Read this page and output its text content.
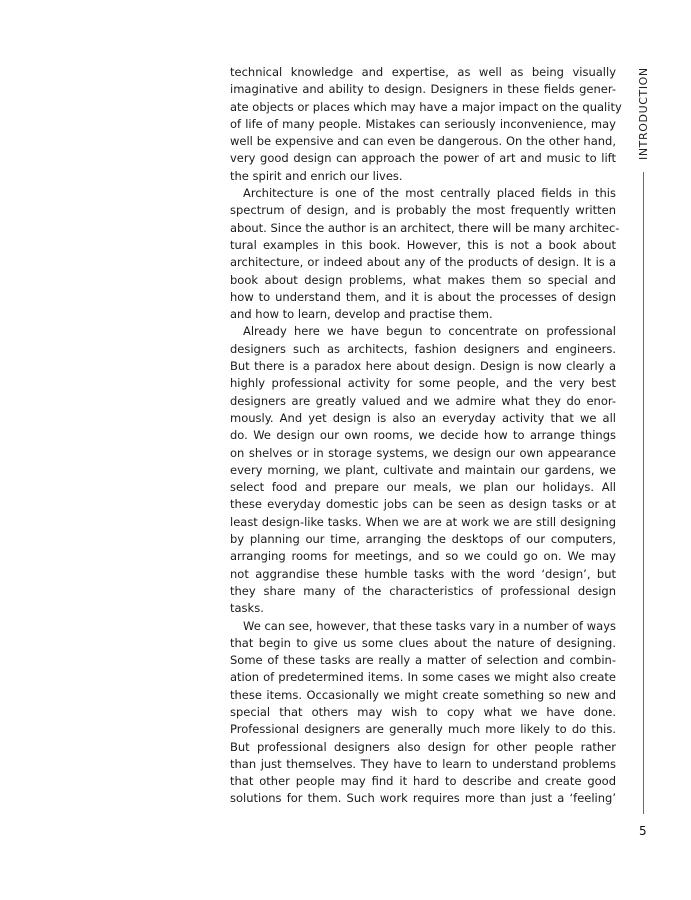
technical knowledge and expertise, as well as being visually
imaginative and ability to design. Designers in these fields gener-
ate objects or places which may have a major impact on the quality
of life of many people. Mistakes can seriously inconvenience, may
well be expensive and can even be dangerous. On the other hand,
very good design can approach the power of art and music to lift
the spirit and enrich our lives.
Architecture is one of the most centrally placed fields in this
spectrum of design, and is probably the most frequently written
about. Since the author is an architect, there will be many architec-
tural examples in this book. However, this is not a book about
architecture, or indeed about any of the products of design. It is a
book about design problems, what makes them so special and
how to understand them, and it is about the processes of design
and how to learn, develop and practise them.
Already here we have begun to concentrate on professional
designers such as architects, fashion designers and engineers.
But there is a paradox here about design. Design is now clearly a
highly professional activity for some people, and the very best
designers are greatly valued and we admire what they do enor-
mously. And yet design is also an everyday activity that we all
do. We design our own rooms, we decide how to arrange things
on shelves or in storage systems, we design our own appearance
every morning, we plant, cultivate and maintain our gardens, we
select food and prepare our meals, we plan our holidays. All
these everyday domestic jobs can be seen as design tasks or at
least design-like tasks. When we are at work we are still designing
by planning our time, arranging the desktops of our computers,
arranging rooms for meetings, and so we could go on. We may
not aggrandise these humble tasks with the word ‘design’, but
they share many of the characteristics of professional design
tasks.
We can see, however, that these tasks vary in a number of ways
that begin to give us some clues about the nature of designing.
Some of these tasks are really a matter of selection and combin-
ation of predetermined items. In some cases we might also create
these items. Occasionally we might create something so new and
special that others may wish to copy what we have done.
Professional designers are generally much more likely to do this.
But professional designers also design for other people rather
than just themselves. They have to learn to understand problems
that other people may find it hard to describe and create good
solutions for them. Such work requires more than just a ‘feeling’
INTRODUCTION
5
